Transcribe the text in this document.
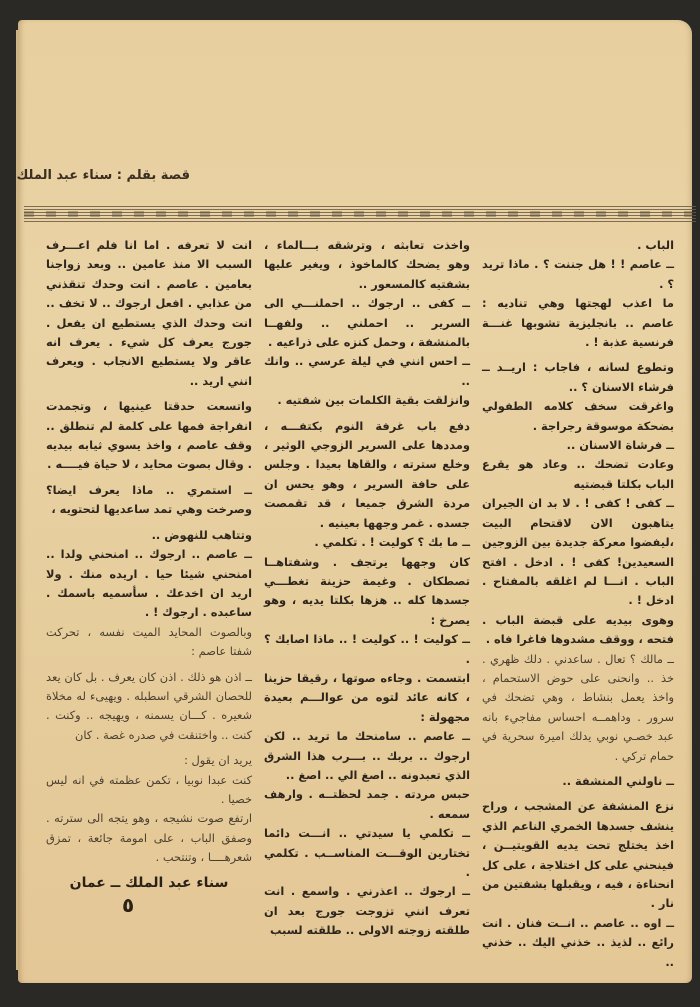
قصة بقلم : سناء عبد الملك

الباب .

ــ عاصم ! ! هل جننت ؟ . ماذا تريد ؟ .

ما اعذب لهجتها وهي تناديه : عاصم .. بانجليزية تشوبها غنـــة فرنسية عذبة ! .

وتطوع لسانه ، فاجاب : اريــد ــ فرشاء الاسنان ؟ ..

واغرقت سخف كلامه الطفولي بضحكة موسوقة رجراجة .

ــ فرشاة الاسنان ..

وعادت تضحك .. وعاد هو يقرع الباب بكلتا قبضتيه

ــ كفى ! كفى ! . لا بد ان الجيران يتاهبون الان لاقتحام البيت ،ليفضوا معركة جديدة بين الزوجين السعيدين! كفى ! . ادخل . افتح الباب . انـــا لم اغلقه بالمفتاح . ادخل ! .

وهوى بيديه على قبضة الباب . فتحه ، ووقف مشدوها فاغرا فاه .

ــ مالك ؟ تعال . ساعدني . دلك ظهري . خذ .. وانحنى على حوض الاستحمام ، واخذ يعمل بنشاط ، وهي تضحك في سرور . وداهمــه احساس مفاجيء بانه عبد خصـي نوبي يدلك اميرة سحرية في حمام تركي .

ــ ناولني المنشفة ..

نزع المنشفة عن المشجب ، وراح ينشف جسدها الخمري الناعم الذي اخذ يختلج تحت يديه القويتيــن ، فينحني على كل اختلاجة ، على كل انحناءة ، فيه ، ويقبلها بشفتين من نار .

ــ اوه .. عاصم .. انــت فنان . انت رائع .. لذيذ .. خذني اليك .. خذني ..

واخذت تعابثه ، وترشقه بـــالماء ، وهو يضحك كالماخوذ ، ويغير عليها بشفتيه كالمسعور ..

ــ كفى .. ارجوك .. احملنـــي الى السرير .. احملني .. ولفهــا بالمنشفة ، وحمل كنزه على ذراعيه .

ــ احس انني في ليلة عرسي .. وانك ..

وانزلقت بقية الكلمات بين شفتيه .

دفع باب غرفة النوم بكتفـــه ، ومددها على السرير الزوجي الوثير ، وخلع سترته ، والقاها بعيدا . وجلس على حافة السرير ، وهو يحس ان مردة الشرق جميعا ، قد تقمصت جسده . غمر وجهها بعينيه .

ــ ما بك ؟ كوليت ! . تكلمي .

كان وجهها يرتجف . وشفتاهــا تصطكان . وغيمة حزينة تغطـــي جسدها كله .. هزها بكلتا يديه ، وهو يصرخ :

ــ كوليت ! .. كوليت ! .. ماذا اصابك ؟ .

ابتسمت . وجاءه صوتها ، رقيقا حزينا ، كانه عائد لتوه من عوالـــم بعيدة مجهولة :

ــ عاصم .. سامنحك ما تريد .. لكن ارجوك .. بربك .. بـــرب هذا الشرق الذي تعبدونه .. اصغ الي .. اصغ ..

حبس مردته . جمد لحظتــه . وارهف سمعه .

ــ تكلمي يا سيدتي .. انـــت دائما تختارين الوقـــت المناســب . تكلمي .

ــ ارجوك .. اعذرني . واسمع . انت تعرف انني تزوجت جورج بعد ان طلقته زوجته الاولى .. طلقته لسبب

انت لا تعرفه . اما انا فلم اعـــرف السبب الا منذ عامين .. وبعد زواجنا بعامين . عاصم . انت وحدك تنقذني من عذابي . افعل ارجوك .. لا تخف .. انت وحدك الذي يستطيع ان يفعل . جورج يعرف كل شيء . يعرف انه عاقر ولا يستطيع الانجاب . ويعرف انني اريد ..

واتسعت حدقتا عينيها ، وتجمدت انفراجة فمها على كلمة لم تنطلق .. وقف عاصم ، واخذ يسوي ثيابه بيديه . وقال بصوت محايد ، لا حياة فيــــه .

ــ استمري .. ماذا يعرف ايضا؟ وصرخت وهي تمد ساعديها لتحتويه ،

وتتاهب للنهوض ..

ــ عاصم .. ارجوك .. امنحني ولدا .. امنحني شيئا حيا . اريده منك . ولا اريد ان اخدعك . سأسميه باسمك . ساعبده . ارجوك ! .

وبالصوت المحايد الميت نفسه ، تحركت شفتا عاصم :

ــ اذن هو ذلك . اذن كان يعرف . بل كان يعد للحصان الشرقي اسطبله . ويهيىء له مخلاة شعيره . كـــان يسمنه ، ويهيجه .. وكنت . كنت .. واختنقت في صدره غصة . كان

يريد ان يقول :

كنت عبدا نوبيا ، تكمن عظمته في انه ليس خصيا .

ارتفع صوت نشيجه ، وهو يتجه الى سترته . وصفق الباب ، على امومة جائعة ، تمزق شعرهــــا ، وتنتحب .

سناء عبد الملك ــ عمان
٥
